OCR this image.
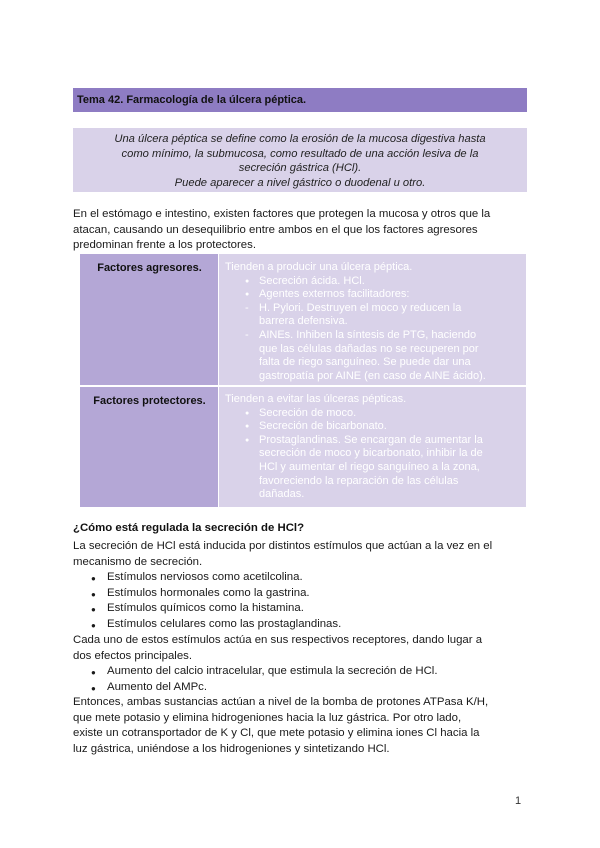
Tema 42. Farmacología de la úlcera péptica.
Una úlcera péptica se define como la erosión de la mucosa digestiva hasta
como mínimo, la submucosa, como resultado de una acción lesiva de la
secreción gástrica (HCl).
Puede aparecer a nivel gástrico o duodenal u otro.
En el estómago e intestino, existen factores que protegen la mucosa y otros que la
atacan, causando un desequilibrio entre ambos en el que los factores agresores
predominan frente a los protectores.
Factores agresores.	Tienden a producir una úlcera péptica.
● Secreción ácida. HCl.
● Agentes externos facilitadores:
- H. Pylori. Destruyen el moco y reducen la
barrera defensiva.
- AINEs. Inhiben la síntesis de PTG, haciendo
que las células dañadas no se recuperen por
falta de riego sanguíneo. Se puede dar una
gastropatía por AINE (en caso de AINE ácido).
Factores protectores.	Tienden a evitar las úlceras pépticas.
● Secreción de moco.
● Secreción de bicarbonato.
● Prostaglandinas. Se encargan de aumentar la
secreción de moco y bicarbonato, inhibir la de
HCl y aumentar el riego sanguíneo a la zona,
favoreciendo la reparación de las células
dañadas.
¿Cómo está regulada la secreción de HCl?
La secreción de HCl está inducida por distintos estímulos que actúan a la vez en el
mecanismo de secreción.
● Estímulos nerviosos como acetilcolina.
● Estímulos hormonales como la gastrina.
● Estímulos químicos como la histamina.
● Estímulos celulares como las prostaglandinas.
Cada uno de estos estímulos actúa en sus respectivos receptores, dando lugar a
dos efectos principales.
● Aumento del calcio intracelular, que estimula la secreción de HCl.
● Aumento del AMPc.
Entonces, ambas sustancias actúan a nivel de la bomba de protones ATPasa K/H,
que mete potasio y elimina hidrogeniones hacia la luz gástrica. Por otro lado,
existe un cotransportador de K y Cl, que mete potasio y elimina iones Cl hacia la
luz gástrica, uniéndose a los hidrogeniones y sintetizando HCl.
1
